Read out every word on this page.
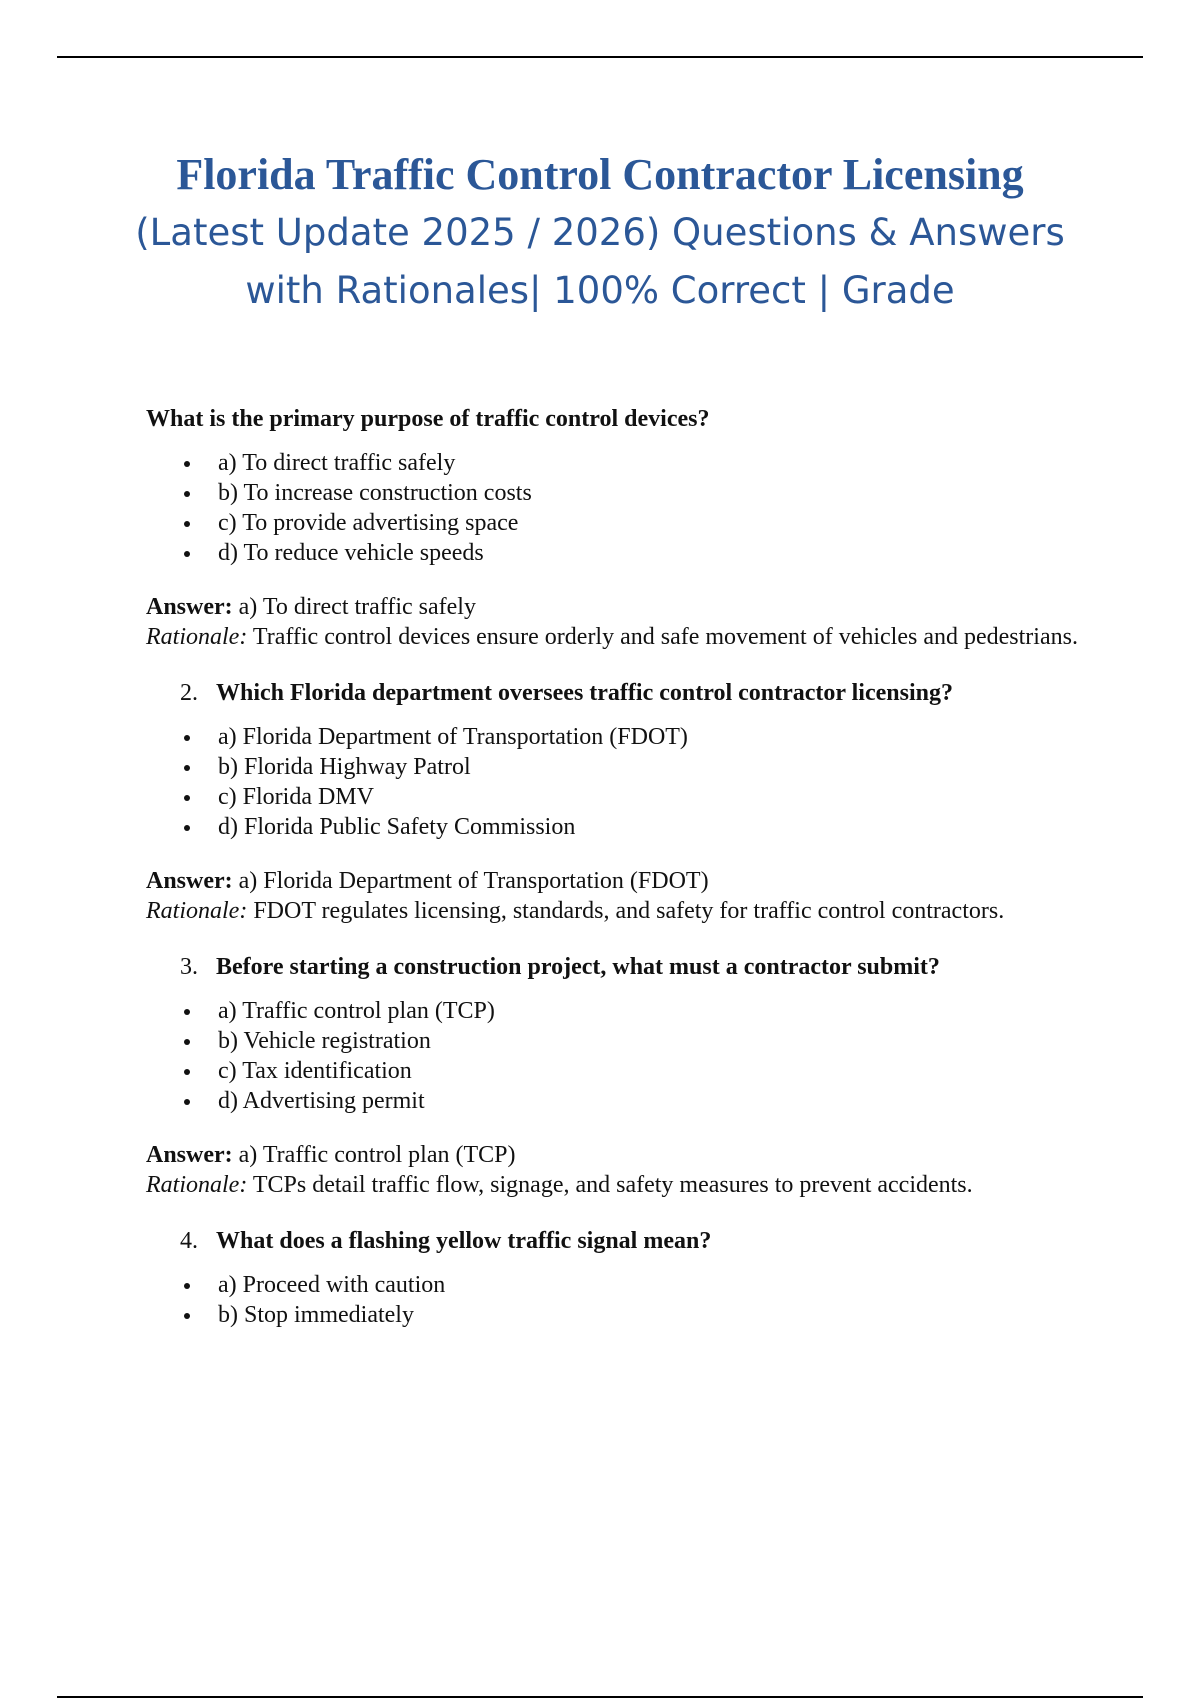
Florida Traffic Control Contractor Licensing

(Latest Update 2025 / 2026) Questions & Answers

with Rationales| 100% Correct | Grade

What is the primary purpose of traffic control devices?

a) To direct traffic safely
b) To increase construction costs
c) To provide advertising space
d) To reduce vehicle speeds
Answer: a) To direct traffic safely
Rationale: Traffic control devices ensure orderly and safe movement of vehicles and pedestrians.

2. Which Florida department oversees traffic control contractor licensing?

a) Florida Department of Transportation (FDOT)
b) Florida Highway Patrol
c) Florida DMV
d) Florida Public Safety Commission
Answer: a) Florida Department of Transportation (FDOT)
Rationale: FDOT regulates licensing, standards, and safety for traffic control contractors.

3. Before starting a construction project, what must a contractor submit?

a) Traffic control plan (TCP)
b) Vehicle registration
c) Tax identification
d) Advertising permit
Answer: a) Traffic control plan (TCP)
Rationale: TCPs detail traffic flow, signage, and safety measures to prevent accidents.

4. What does a flashing yellow traffic signal mean?

a) Proceed with caution
b) Stop immediately
